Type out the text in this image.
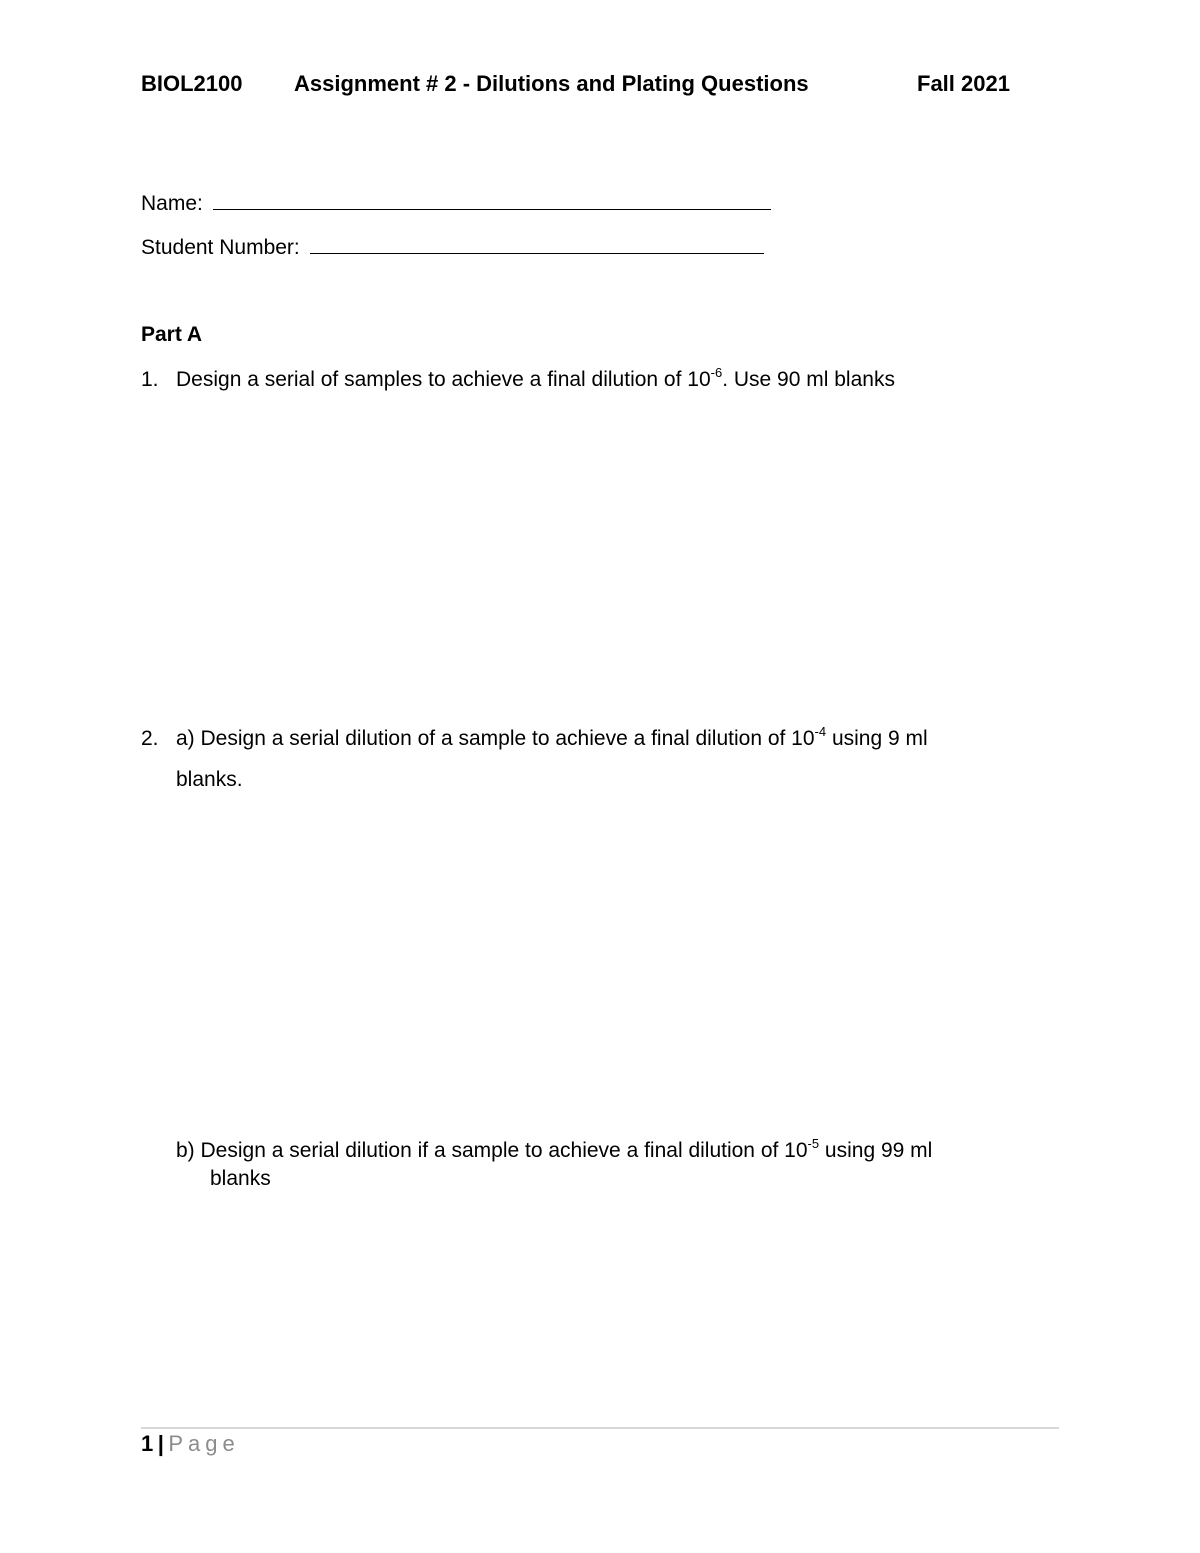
BIOL2100 Assignment # 2 - Dilutions and Plating Questions	Fall 2021
Name:
Student Number:
Part A
1. Design a serial of samples to achieve a final dilution of $10^{-6}$. Use 90 ml blanks
2. a) Design a serial dilution of a sample to achieve a final dilution of $10^{-4}$ using 9 ml
blanks.
b) Design a serial dilution if a sample to achieve a final dilution of $10^{-5}$ using 99 ml
blanks
1 | Page
